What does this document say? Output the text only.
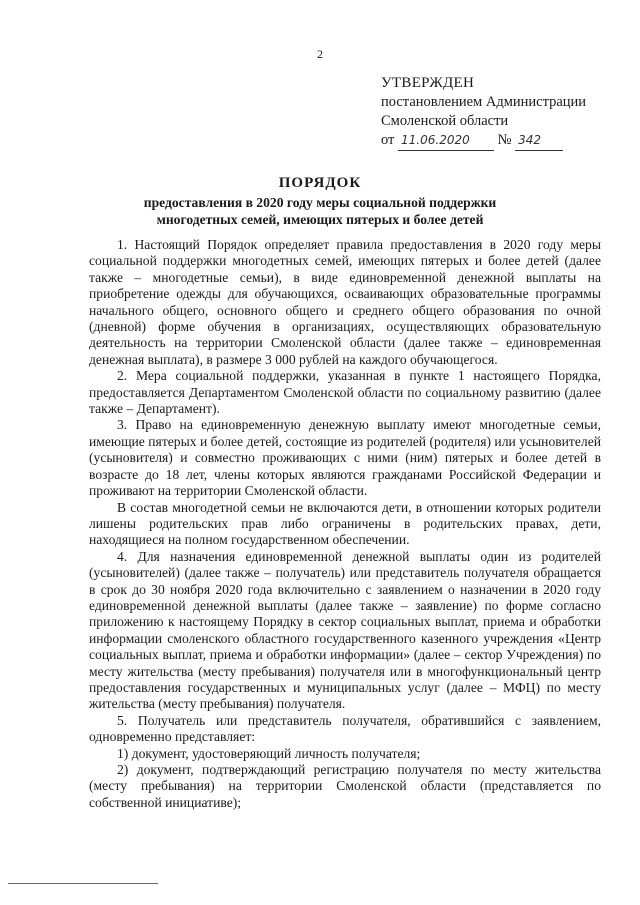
2
УТВЕРЖДЕН
постановлением Администрации
Смоленской области
от 11.06.2020 № 342
ПОРЯДОК
предоставления в 2020 году меры социальной поддержки
многодетных семей, имеющих пятерых и более детей

1. Настоящий Порядок определяет правила предоставления в 2020 году меры социальной поддержки многодетных семей, имеющих пятерых и более детей (далее также – многодетные семьи), в виде единовременной денежной выплаты на приобретение одежды для обучающихся, осваивающих образовательные программы начального общего, основного общего и среднего общего образования по очной (дневной) форме обучения в организациях, осуществляющих образовательную деятельность на территории Смоленской области (далее также – единовременная денежная выплата), в размере 3 000 рублей на каждого обучающегося.

2. Мера социальной поддержки, указанная в пункте 1 настоящего Порядка, предоставляется Департаментом Смоленской области по социальному развитию (далее также – Департамент).

3. Право на единовременную денежную выплату имеют многодетные семьи, имеющие пятерых и более детей, состоящие из родителей (родителя) или усыновителей (усыновителя) и совместно проживающих с ними (ним) пятерых и более детей в возрасте до 18 лет, члены которых являются гражданами Российской Федерации и проживают на территории Смоленской области.

В состав многодетной семьи не включаются дети, в отношении которых родители лишены родительских прав либо ограничены в родительских правах, дети, находящиеся на полном государственном обеспечении.

4. Для назначения единовременной денежной выплаты один из родителей (усыновителей) (далее также – получатель) или представитель получателя обращается в срок до 30 ноября 2020 года включительно с заявлением о назначении в 2020 году единовременной денежной выплаты (далее также – заявление) по форме согласно приложению к настоящему Порядку в сектор социальных выплат, приема и обработки информации смоленского областного государственного казенного учреждения «Центр социальных выплат, приема и обработки информации» (далее – сектор Учреждения) по месту жительства (месту пребывания) получателя или в многофункциональный центр предоставления государственных и муниципальных услуг (далее – МФЦ) по месту жительства (месту пребывания) получателя.

5. Получатель или представитель получателя, обратившийся с заявлением, одновременно представляет:

1) документ, удостоверяющий личность получателя;

2) документ, подтверждающий регистрацию получателя по месту жительства (месту пребывания) на территории Смоленской области (представляется по собственной инициативе);
